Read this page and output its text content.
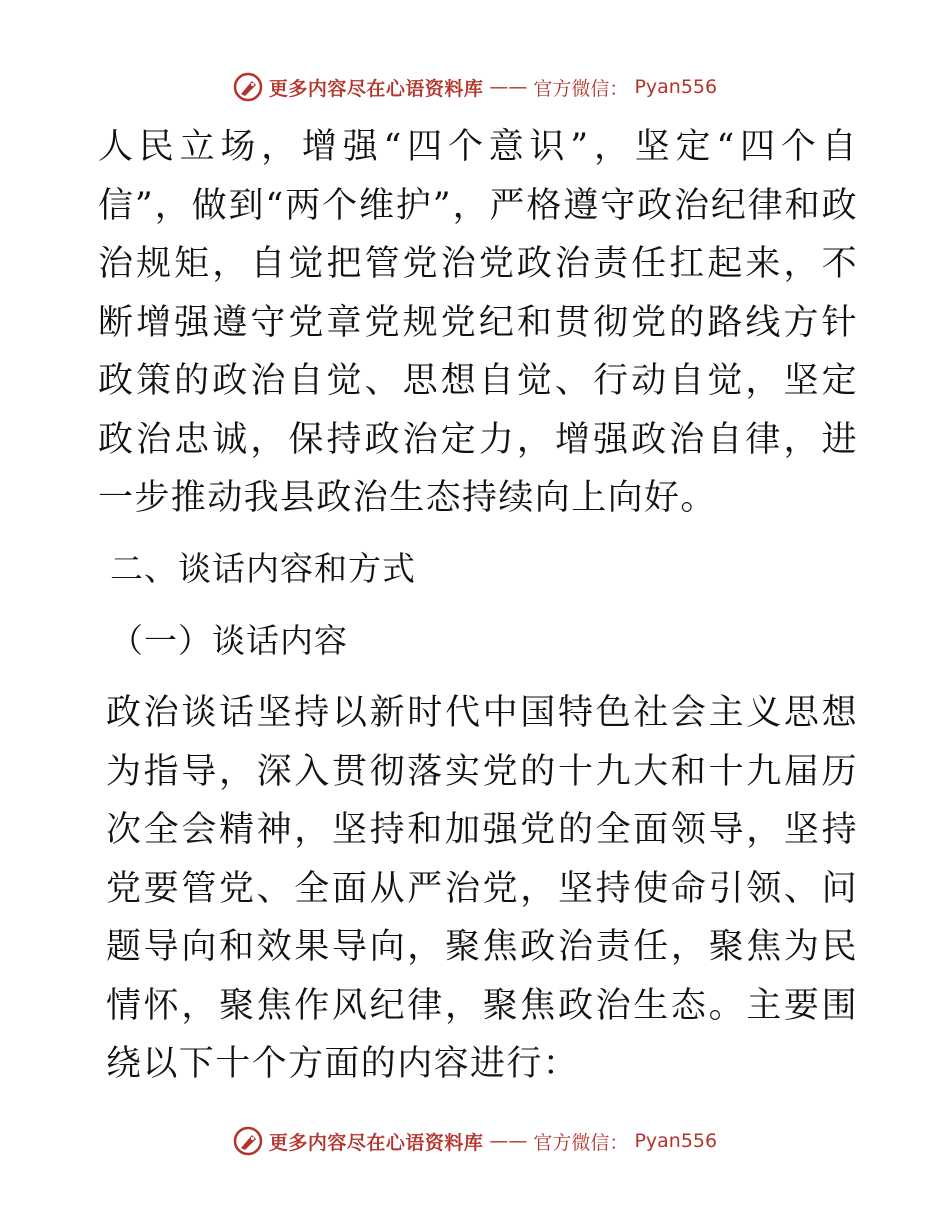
更多内容尽在心语资料库 —— 官方微信： Pyan556

人民立场，增强“四个意识”，坚定“四个自信”，做到“两个维护”，严格遵守政治纪律和政治规矩，自觉把管党治党政治责任扛起来，不断增强遵守党章党规党纪和贯彻党的路线方针政策的政治自觉、思想自觉、行动自觉，坚定政治忠诚，保持政治定力，增强政治自律，进一步推动我县政治生态持续向上向好。

二、谈话内容和方式

（一）谈话内容

政治谈话坚持以新时代中国特色社会主义思想为指导，深入贯彻落实党的十九大和十九届历次全会精神，坚持和加强党的全面领导，坚持党要管党、全面从严治党，坚持使命引领、问题导向和效果导向，聚焦政治责任，聚焦为民情怀，聚焦作风纪律，聚焦政治生态。主要围绕以下十个方面的内容进行：

更多内容尽在心语资料库 —— 官方微信： Pyan556
